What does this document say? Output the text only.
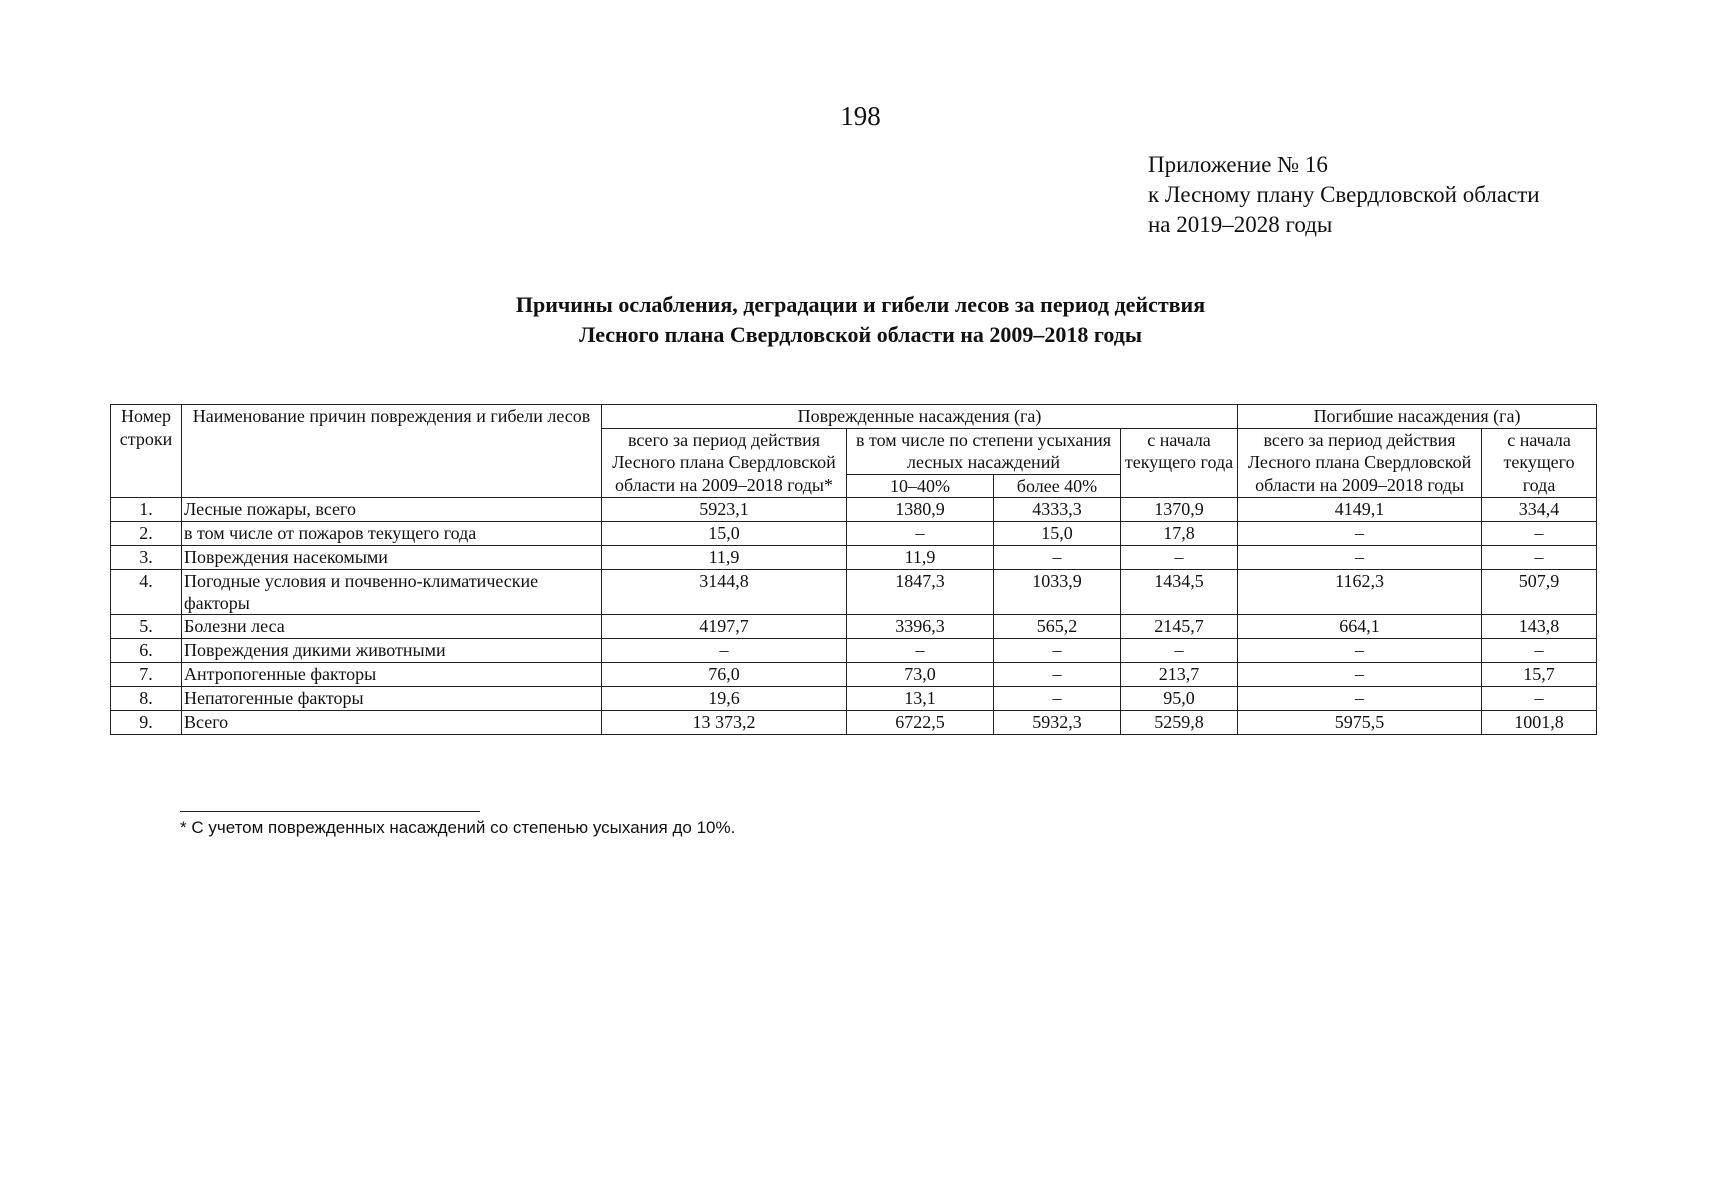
198
Приложение № 16
к Лесному плану Свердловской области
на 2019–2028 годы
Причины ослабления, деградации и гибели лесов за период действия
Лесного плана Свердловской области на 2009–2018 годы
Номер строки	Наименование причин повреждения и гибели лесов	Поврежденные насаждения (га)				Погибшие насаждения (га)	
		всего за период действия Лесного плана Свердловской области на 2009–2018 годы*	в том числе по степени усыхания лесных насаждений		с начала текущего года	всего за период действия Лесного плана Свердловской области на 2009–2018 годы	с начала текущего года
			10–40%	более 40%			
1.	Лесные пожары, всего	5923,1	1380,9	4333,3	1370,9	4149,1	334,4
2.	в том числе от пожаров текущего года	15,0	–	15,0	17,8	–	–
3.	Повреждения насекомыми	11,9	11,9	–	–	–	–
4.	Погодные условия и почвенно-климатические факторы	3144,8	1847,3	1033,9	1434,5	1162,3	507,9
5.	Болезни леса	4197,7	3396,3	565,2	2145,7	664,1	143,8
6.	Повреждения дикими животными	–	–	–	–	–	–
7.	Антропогенные факторы	76,0	73,0	–	213,7	–	15,7
8.	Непатогенные факторы	19,6	13,1	–	95,0	–	–
9.	Всего	13 373,2	6722,5	5932,3	5259,8	5975,5	1001,8
* С учетом поврежденных насаждений со степенью усыхания до 10%.
